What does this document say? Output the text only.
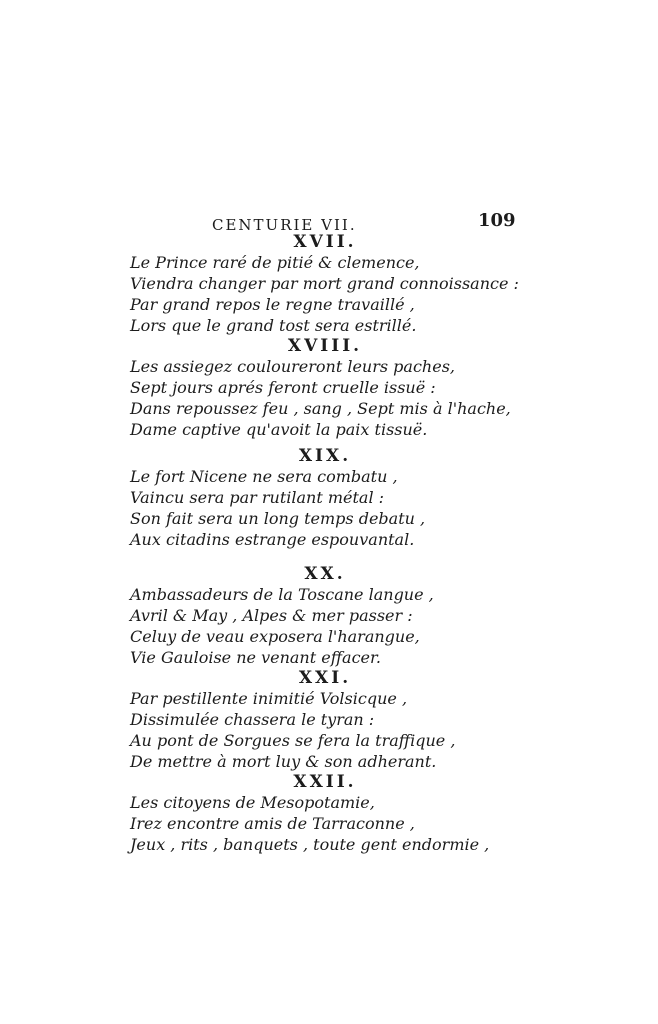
CENTURIE VII.	109
XVII.
Le Prince raré de pitié & clemence,
Viendra changer par mort grand connoissance :
Par grand repos le regne travaillé ,
Lors que le grand tost sera estrillé.
XVIII.
Les assiegez couloureront leurs paches,
Sept jours aprés feront cruelle issuë :
Dans repoussez feu , sang , Sept mis à l'hache,
Dame captive qu'avoit la paix tissuë.
XIX.
Le fort Nicene ne sera combatu ,
Vaincu sera par rutilant métal :
Son fait sera un long temps debatu ,
Aux citadins estrange espouvantal.
XX.
Ambassadeurs de la Toscane langue ,
Avril & May , Alpes & mer passer :
Celuy de veau exposera l'harangue,
Vie Gauloise ne venant effacer.
XXI.
Par pestillente inimitié Volsicque ,
Dissimulée chassera le tyran :
Au pont de Sorgues se fera la traffique ,
De mettre à mort luy & son adherant.
XXII.
Les citoyens de Mesopotamie,
Irez encontre amis de Tarraconne ,
Jeux , rits , banquets , toute gent endormie ,
